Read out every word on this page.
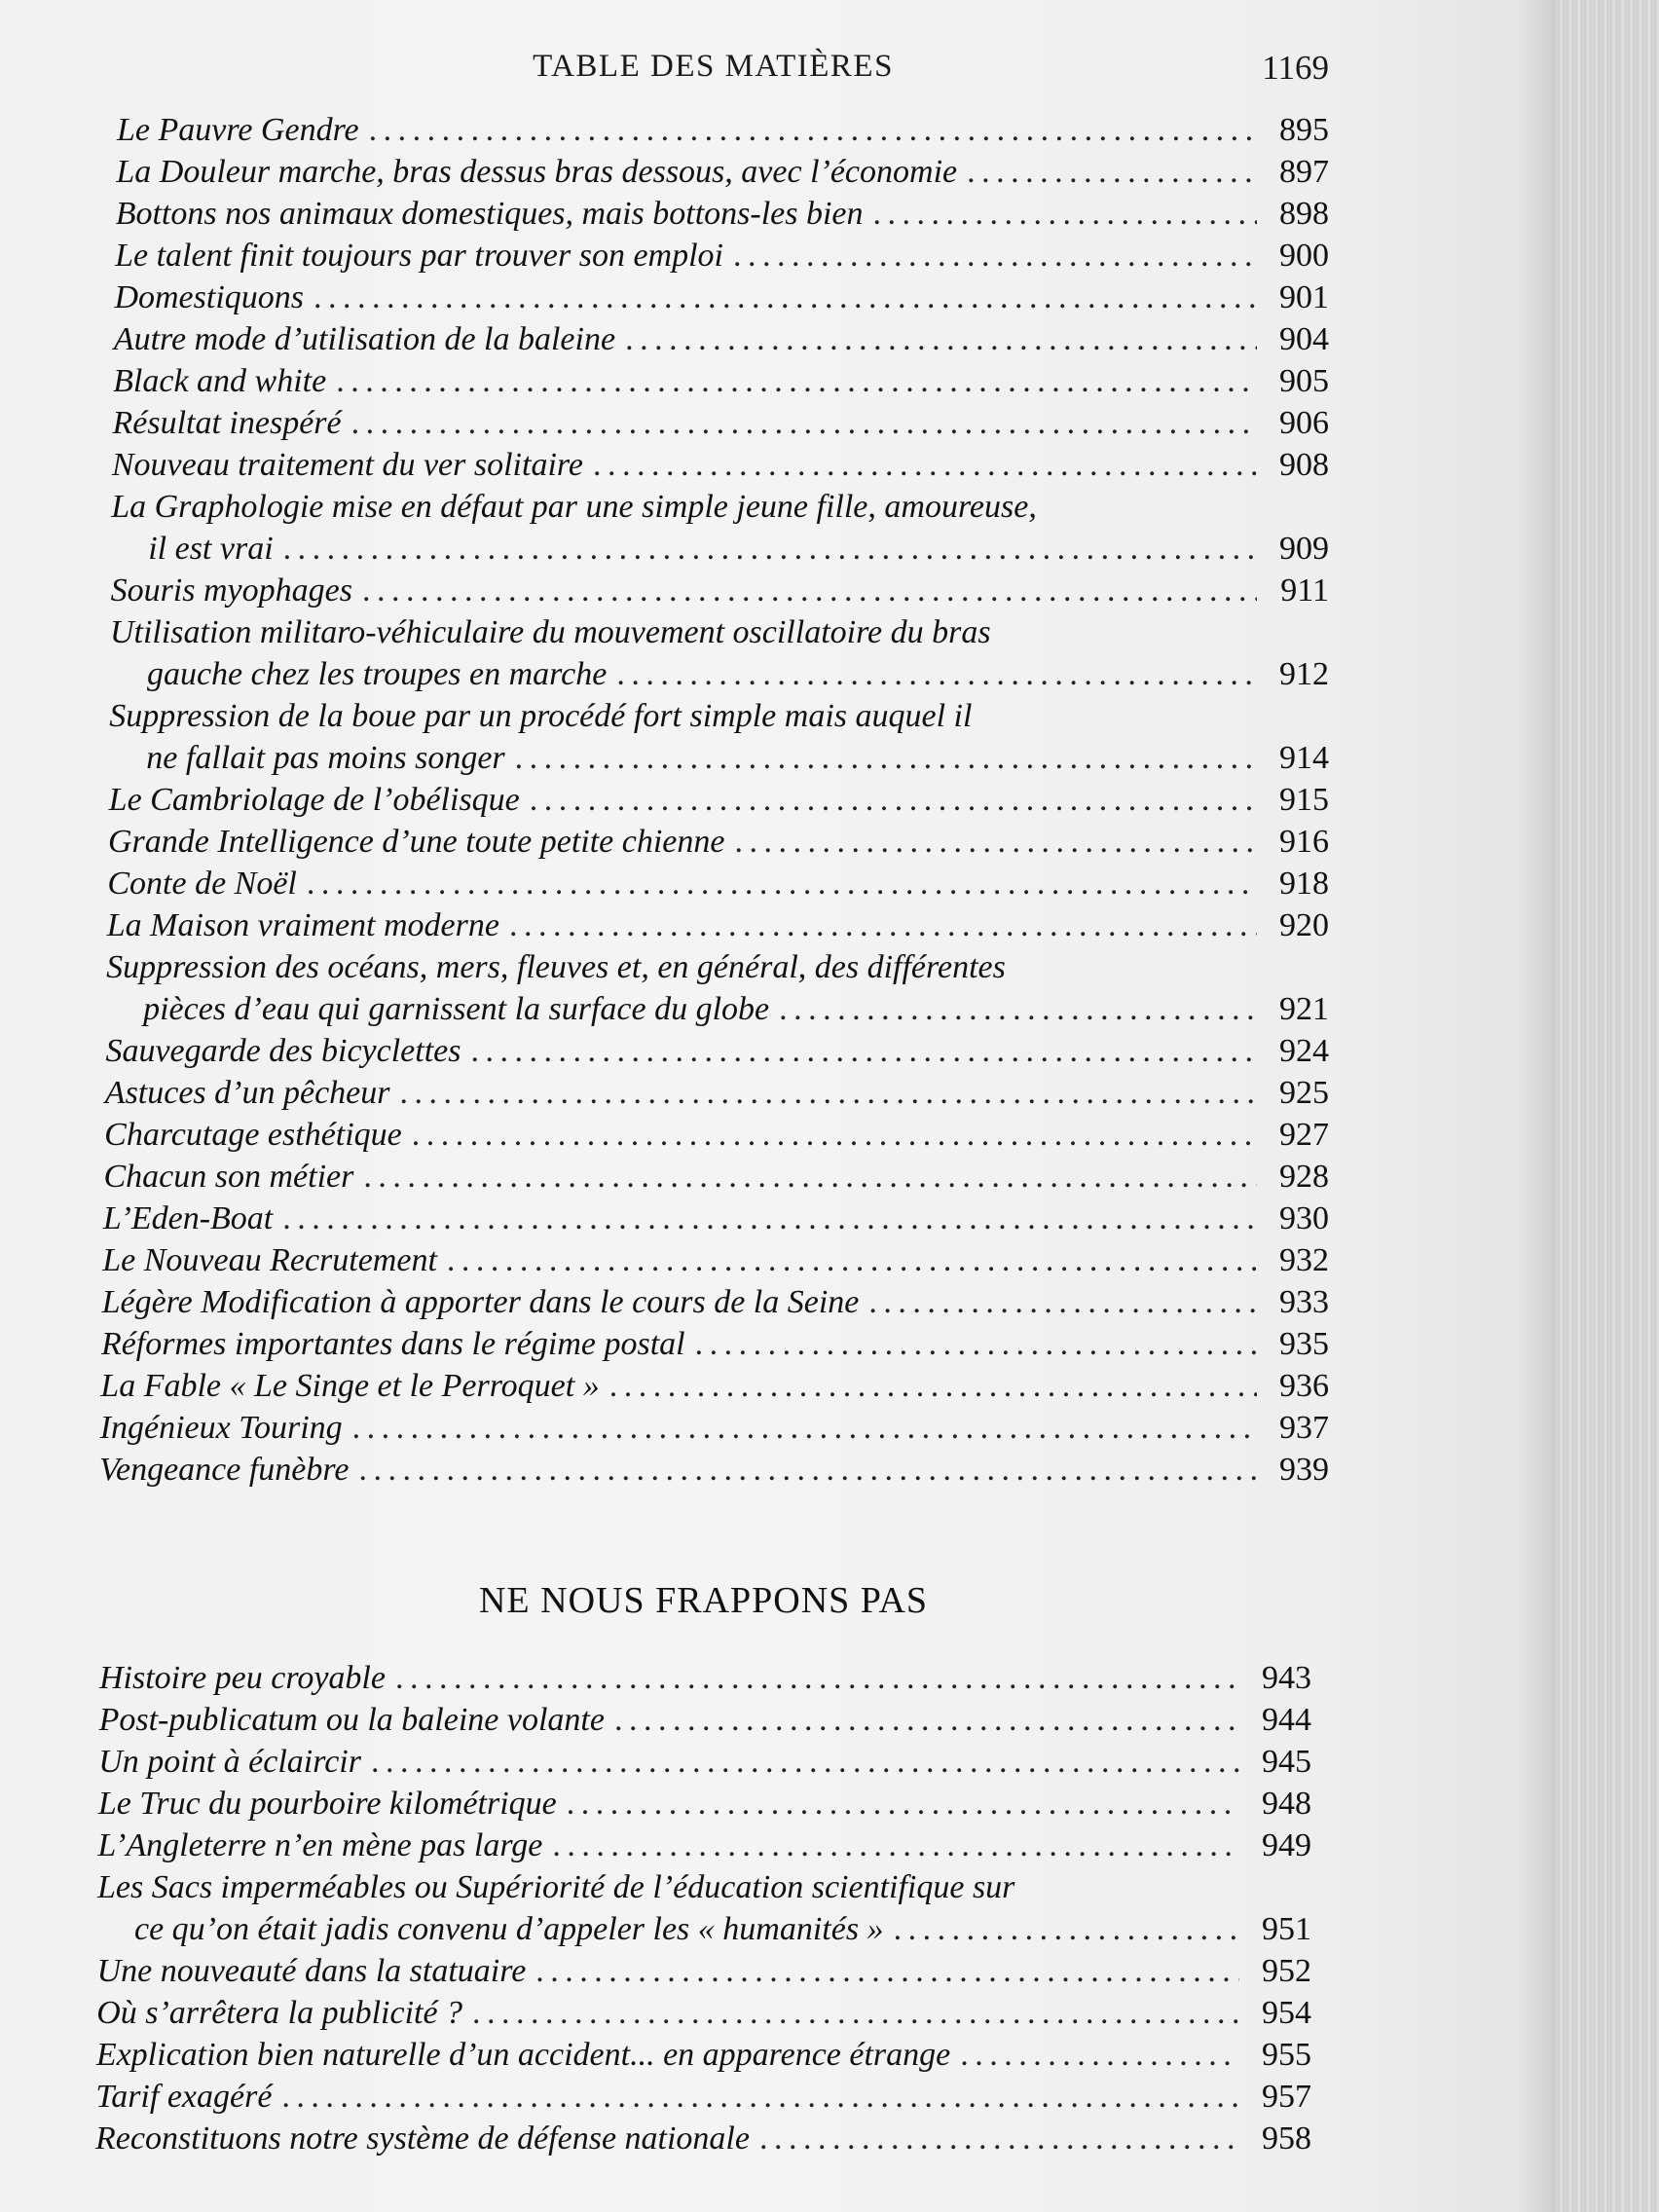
TABLE DES MATIÈRES	1169
Le Pauvre Gendre . . .	895
La Douleur marche, bras dessus bras dessous, avec l’économie . . .	897
Bottons nos animaux domestiques, mais bottons-les bien . . .	898
Le talent finit toujours par trouver son emploi . . .	900
Domestiquons . . .	901
Autre mode d’utilisation de la baleine . . .	904
Black and white . . .	905
Résultat inespéré . . .	906
Nouveau traitement du ver solitaire . . .	908
La Graphologie mise en défaut par une simple jeune fille, amoureuse,
il est vrai . . .	909
Souris myophages . . .	911
Utilisation militaro-véhiculaire du mouvement oscillatoire du bras
gauche chez les troupes en marche . . .	912
Suppression de la boue par un procédé fort simple mais auquel il
ne fallait pas moins songer . . .	914
Le Cambriolage de l’obélisque . . .	915
Grande Intelligence d’une toute petite chienne . . .	916
Conte de Noël . . .	918
La Maison vraiment moderne . . .	920
Suppression des océans, mers, fleuves et, en général, des différentes
pièces d’eau qui garnissent la surface du globe . . .	921
Sauvegarde des bicyclettes . . .	924
Astuces d’un pêcheur . . .	925
Charcutage esthétique . . .	927
Chacun son métier . . .	928
L’Eden-Boat . . .	930
Le Nouveau Recrutement . . .	932
Légère Modification à apporter dans le cours de la Seine . . .	933
Réformes importantes dans le régime postal . . .	935
La Fable « Le Singe et le Perroquet » . . .	936
Ingénieux Touring . . .	937
Vengeance funèbre . . .	939
NE NOUS FRAPPONS PAS
Histoire peu croyable . . .	943
Post-publicatum ou la baleine volante . . .	944
Un point à éclaircir . . .	945
Le Truc du pourboire kilométrique . . .	948
L’Angleterre n’en mène pas large . . .	949
Les Sacs imperméables ou Supériorité de l’éducation scientifique sur
ce qu’on était jadis convenu d’appeler les « humanités » . . .	951
Une nouveauté dans la statuaire . . .	952
Où s’arrêtera la publicité ? . . .	954
Explication bien naturelle d’un accident... en apparence étrange . . .	955
Tarif exagéré . . .	957
Reconstituons notre système de défense nationale . . .	958
